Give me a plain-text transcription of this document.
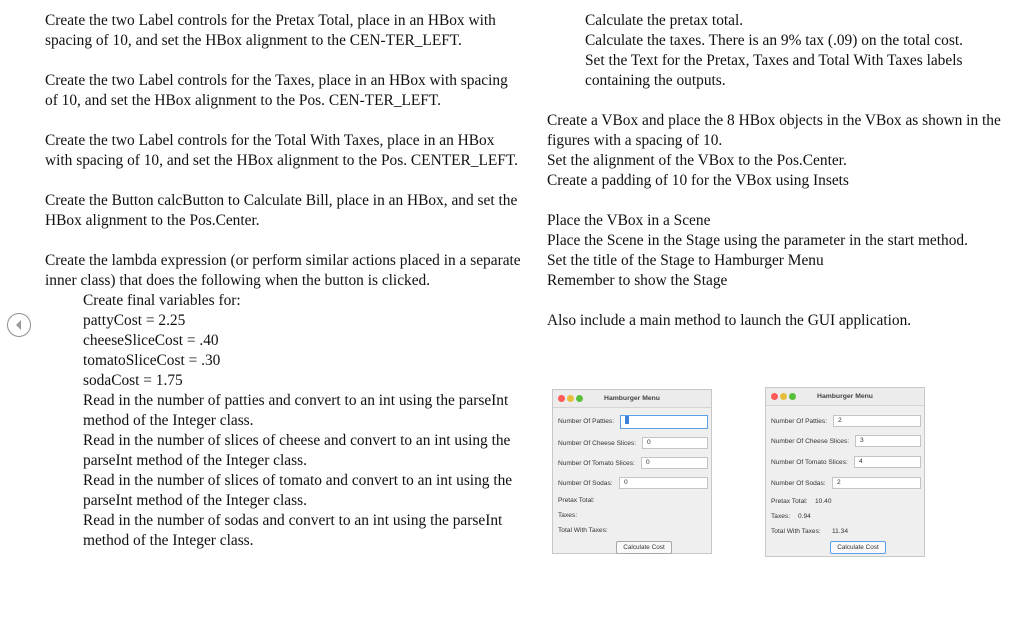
Create the two Label controls for the Pretax Total, place in an HBox with spacing of 10, and set the HBox alignment to the CEN-TER_LEFT.

Create the two Label controls for the Taxes, place in an HBox with spacing of 10, and set the HBox alignment to the Pos. CEN-TER_LEFT.

Create the two Label controls for the Total With Taxes, place in an HBox with spacing of 10, and set the HBox alignment to the Pos. CENTER_LEFT.

Create the Button calcButton to Calculate Bill, place in an HBox, and set the HBox alignment to the Pos.Center.

Create the lambda expression (or perform similar actions placed in a separate inner class) that does the following when the button is clicked.

Create final variables for:

pattyCost = 2.25

cheeseSliceCost = .40

tomatoSliceCost = .30

sodaCost = 1.75

Read in the number of patties and convert to an int using the parseInt method of the Integer class.

Read in the number of slices of cheese and convert to an int using the parseInt method of the Integer class.

Read in the number of slices of tomato and convert to an int using the parseInt method of the Integer class.

Read in the number of sodas and convert to an int using the parseInt method of the Integer class.

Calculate the pretax total.

Calculate the taxes. There is an 9% tax (.09) on the total cost.

Set the Text for the Pretax, Taxes and Total With Taxes labels containing the outputs.

Create a VBox and place the 8 HBox objects in the VBox as shown in the figures with a spacing of 10.

Set the alignment of the VBox to the Pos.Center.

Create a padding of 10 for the VBox using Insets

Place the VBox in a Scene

Place the Scene in the Stage using the parameter in the start method.

Set the title of the Stage to Hamburger Menu

Remember to show the Stage

Also include a main method to launch the GUI application.

Hamburger Menu
Number Of Patties:
Number Of Cheese Slices:	0
Number Of Tomato Slices:	0
Number Of Sodas:	0
Pretax Total:
Taxes:
Total With Taxes:
Calculate Cost
Hamburger Menu
Number Of Patties:	2
Number Of Cheese Slices:	3
Number Of Tomato Slices:	4
Number Of Sodas:	2
Pretax Total: 10.40
Taxes: 0.94
Total With Taxes: 11.34
Calculate Cost
